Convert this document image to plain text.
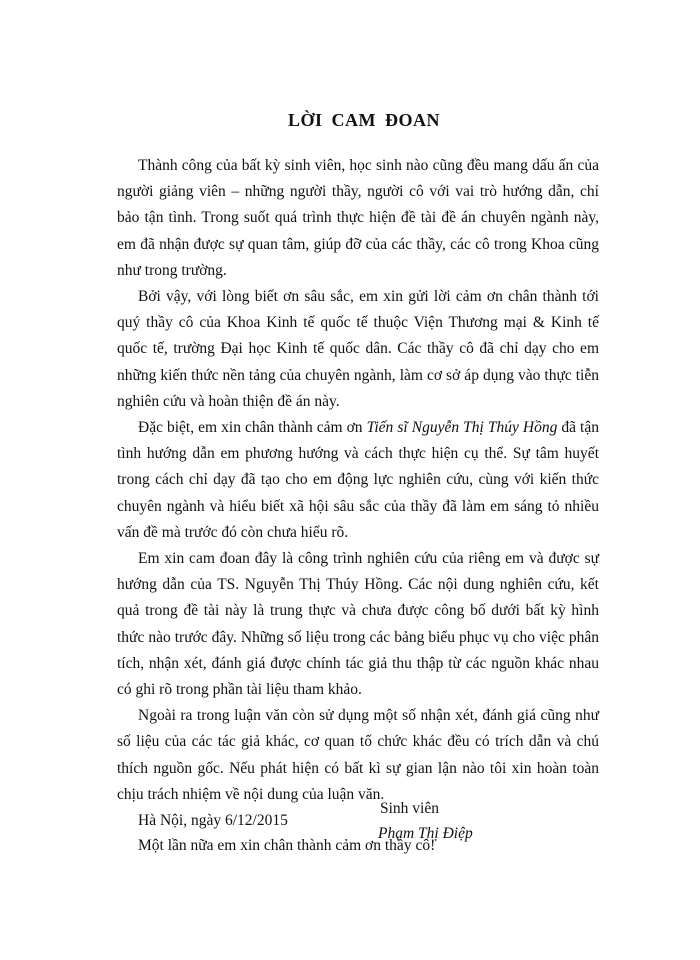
LỜI CAM ĐOAN

Thành công của bất kỳ sinh viên, học sinh nào cũng đều mang dấu ấn của người giảng viên – những người thầy, người cô với vai trò hướng dẫn, chỉ bảo tận tình. Trong suốt quá trình thực hiện đề tài đề án chuyên ngành này, em đã nhận được sự quan tâm, giúp đỡ của các thầy, các cô trong Khoa cũng như trong trường.

Bởi vậy, với lòng biết ơn sâu sắc, em xin gửi lời cảm ơn chân thành tới quý thầy cô của Khoa Kinh tế quốc tế thuộc Viện Thương mại & Kinh tế quốc tế, trường Đại học Kinh tế quốc dân. Các thầy cô đã chỉ dạy cho em những kiến thức nền tảng của chuyên ngành, làm cơ sở áp dụng vào thực tiễn nghiên cứu và hoàn thiện đề án này.

Đặc biệt, em xin chân thành cảm ơn Tiến sĩ Nguyễn Thị Thúy Hồng đã tận tình hướng dẫn em phương hướng và cách thực hiện cụ thể. Sự tâm huyết trong cách chỉ dạy đã tạo cho em động lực nghiên cứu, cùng với kiến thức chuyên ngành và hiểu biết xã hội sâu sắc của thầy đã làm em sáng tỏ nhiều vấn đề mà trước đó còn chưa hiểu rõ.

Em xin cam đoan đây là công trình nghiên cứu của riêng em và được sự hướng dẫn của TS. Nguyễn Thị Thúy Hồng. Các nội dung nghiên cứu, kết quả trong đề tài này là trung thực và chưa được công bố dưới bất kỳ hình thức nào trước đây. Những số liệu trong các bảng biểu phục vụ cho việc phân tích, nhận xét, đánh giá được chính tác giả thu thập từ các nguồn khác nhau có ghi rõ trong phần tài liệu tham khảo.

Ngoài ra trong luận văn còn sử dụng một số nhận xét, đánh giá cũng như số liệu của các tác giả khác, cơ quan tổ chức khác đều có trích dẫn và chú thích nguồn gốc. Nếu phát hiện có bất kì sự gian lận nào tôi xin hoàn toàn chịu trách nhiệm về nội dung của luận văn.

Hà Nội, ngày 6/12/2015

Một lần nữa em xin chân thành cảm ơn thầy cô!

Sinh viên
Phạm Thị Điệp
